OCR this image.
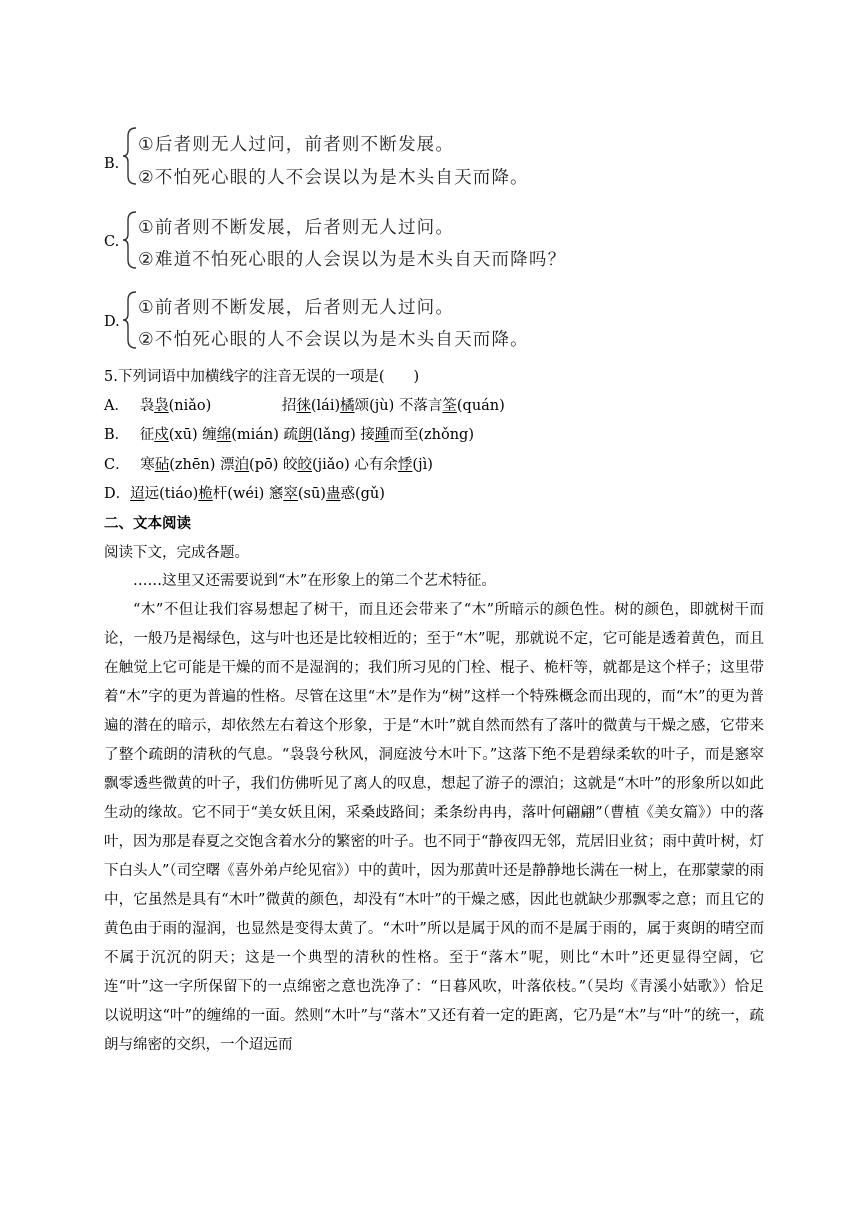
B.
①后者则无人过问，前者则不断发展。
②不怕死心眼的人不会误以为是木头自天而降。
C.
①前者则不断发展，后者则无人过问。
②难道不怕死心眼的人会误以为是木头自天而降吗？
D.
①前者则不断发展，后者则无人过问。
②不怕死心眼的人不会误以为是木头自天而降。
5.下列词语中加横线字的注音无误的一项是(　　)
A． 袅袅(niǎo)	招徕(lái)橘颂(jù) 不落言筌(quán)
B． 征戍(xū) 缠绵(mián) 疏朗(lǎng) 接踵而至(zhǒng)
C． 寒砧(zhēn) 漂泊(pō) 皎皎(jiǎo) 心有余悸(jì)
D．迢远(tiáo)桅杆(wéi) 窸窣(sū)蛊惑(gǔ)
二、文本阅读
阅读下文，完成各题。

……这里又还需要说到“木”在形象上的第二个艺术特征。

“木”不但让我们容易想起了树干，而且还会带来了“木”所暗示的颜色性。树的颜色，即就树干而论，一般乃是褐绿色，这与叶也还是比较相近的；至于“木”呢，那就说不定，它可能是透着黄色，而且在触觉上它可能是干燥的而不是湿润的；我们所习见的门栓、棍子、桅杆等，就都是这个样子；这里带着“木”字的更为普遍的性格。尽管在这里“木”是作为“树”这样一个特殊概念而出现的，而“木”的更为普遍的潜在的暗示，却依然左右着这个形象，于是“木叶”就自然而然有了落叶的微黄与干燥之感，它带来了整个疏朗的清秋的气息。“袅袅兮秋风，洞庭波兮木叶下。”这落下绝不是碧绿柔软的叶子，而是窸窣飘零透些微黄的叶子，我们仿佛听见了离人的叹息，想起了游子的漂泊；这就是“木叶”的形象所以如此生动的缘故。它不同于“美女妖且闲，采桑歧路间；柔条纷冉冉，落叶何翩翩”（曹植《美女篇》）中的落叶，因为那是春夏之交饱含着水分的繁密的叶子。也不同于“静夜四无邻，荒居旧业贫；雨中黄叶树，灯下白头人”（司空曙《喜外弟卢纶见宿》）中的黄叶，因为那黄叶还是静静地长满在一树上，在那蒙蒙的雨中，它虽然是具有“木叶”微黄的颜色，却没有“木叶”的干燥之感，因此也就缺少那飘零之意；而且它的黄色由于雨的湿润，也显然是变得太黄了。“木叶”所以是属于风的而不是属于雨的，属于爽朗的晴空而不属于沉沉的阴天；这是一个典型的清秋的性格。至于“落木”呢，则比“木叶”还更显得空阔，它连“叶”这一字所保留下的一点绵密之意也洗净了：“日暮风吹，叶落依枝。”（吴均《青溪小姑歌》）恰足以说明这“叶”的缠绵的一面。然则“木叶”与“落木”又还有着一定的距离，它乃是“木”与“叶”的统一，疏朗与绵密的交织，一个迢远而
